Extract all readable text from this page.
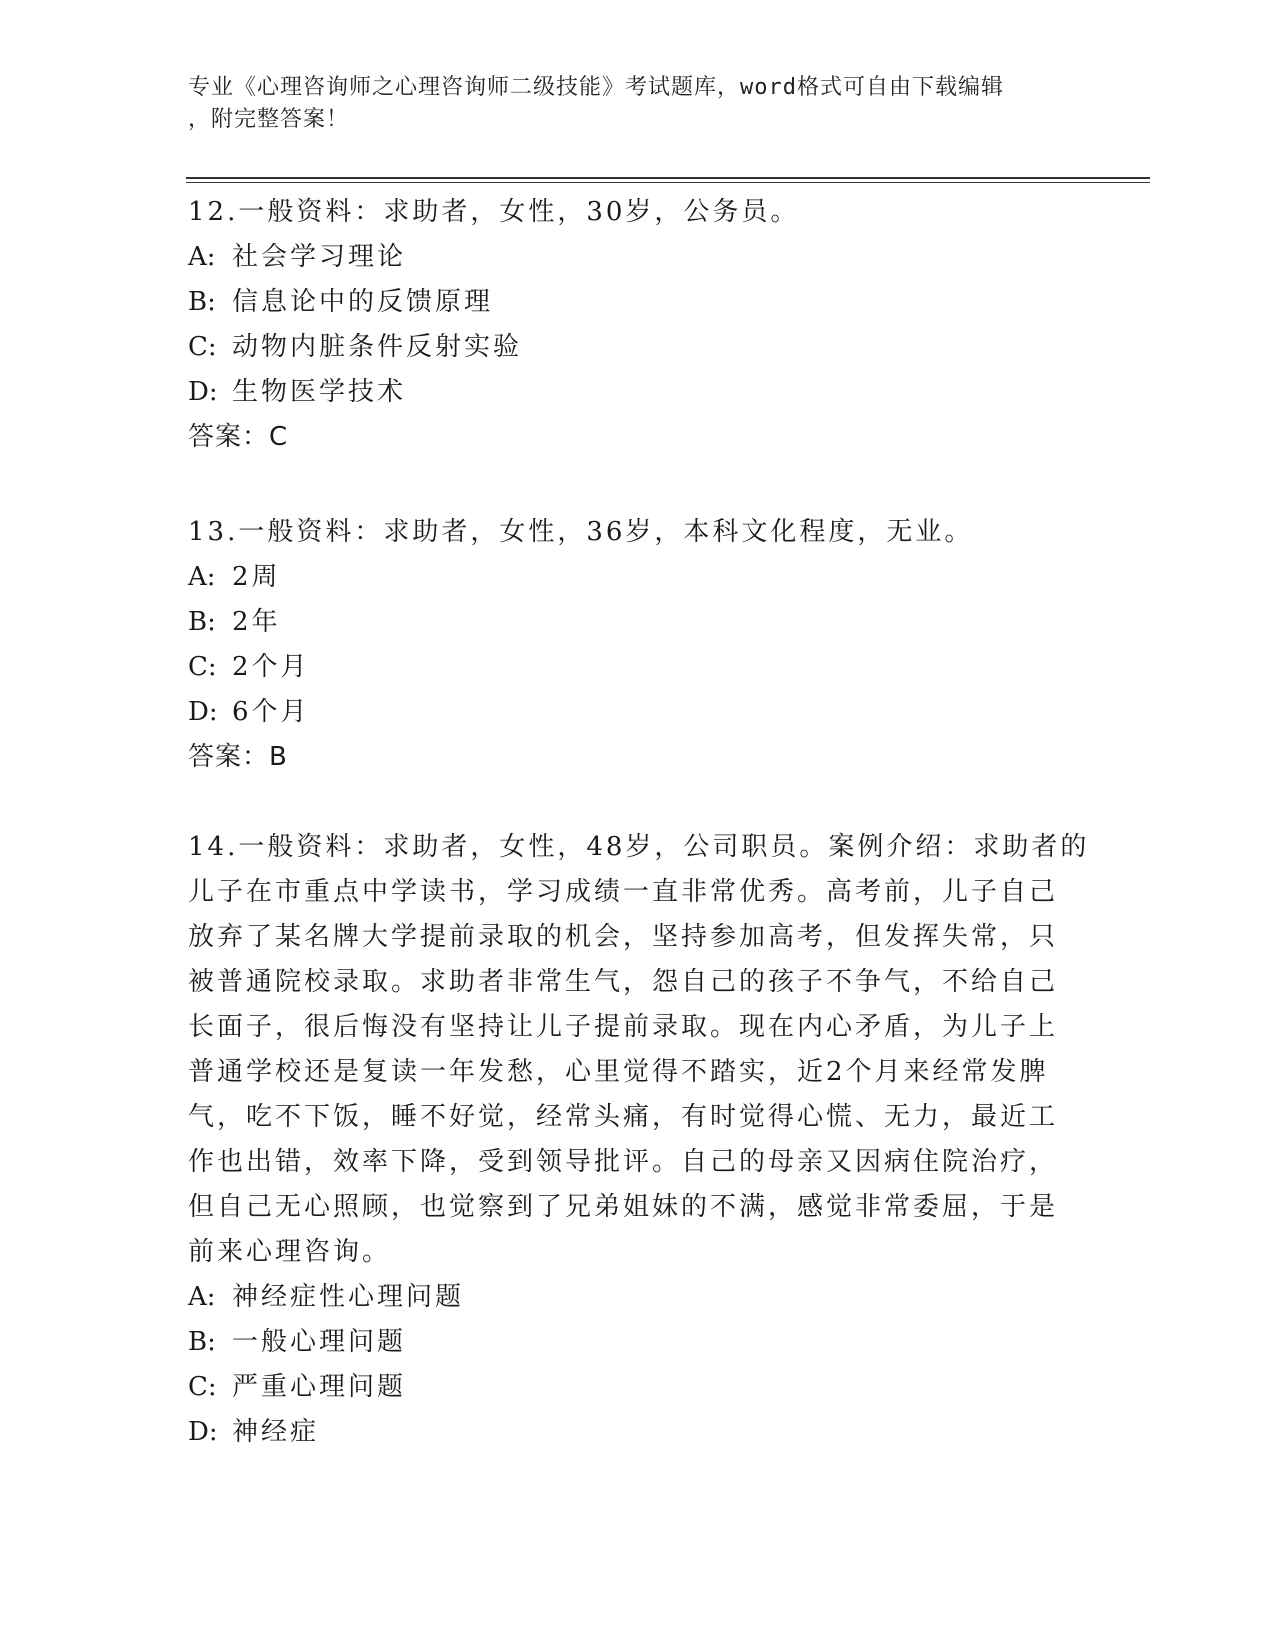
专业《心理咨询师之心理咨询师二级技能》考试题库，word格式可自由下载编辑
，附完整答案！
12.一般资料：求助者，女性，30岁，公务员。
A: 社会学习理论
B: 信息论中的反馈原理
C: 动物内脏条件反射实验
D: 生物医学技术
答案：C
13.一般资料：求助者，女性，36岁，本科文化程度，无业。
A: 2周
B: 2年
C: 2个月
D: 6个月
答案：B
14.一般资料：求助者，女性，48岁，公司职员。案例介绍：求助者的
儿子在市重点中学读书，学习成绩一直非常优秀。高考前，儿子自己
放弃了某名牌大学提前录取的机会，坚持参加高考，但发挥失常，只
被普通院校录取。求助者非常生气，怨自己的孩子不争气，不给自己
长面子，很后悔没有坚持让儿子提前录取。现在内心矛盾，为儿子上
普通学校还是复读一年发愁，心里觉得不踏实，近2个月来经常发脾
气，吃不下饭，睡不好觉，经常头痛，有时觉得心慌、无力，最近工
作也出错，效率下降，受到领导批评。自己的母亲又因病住院治疗，
但自己无心照顾，也觉察到了兄弟姐妹的不满，感觉非常委屈，于是
前来心理咨询。
A: 神经症性心理问题
B: 一般心理问题
C: 严重心理问题
D: 神经症
